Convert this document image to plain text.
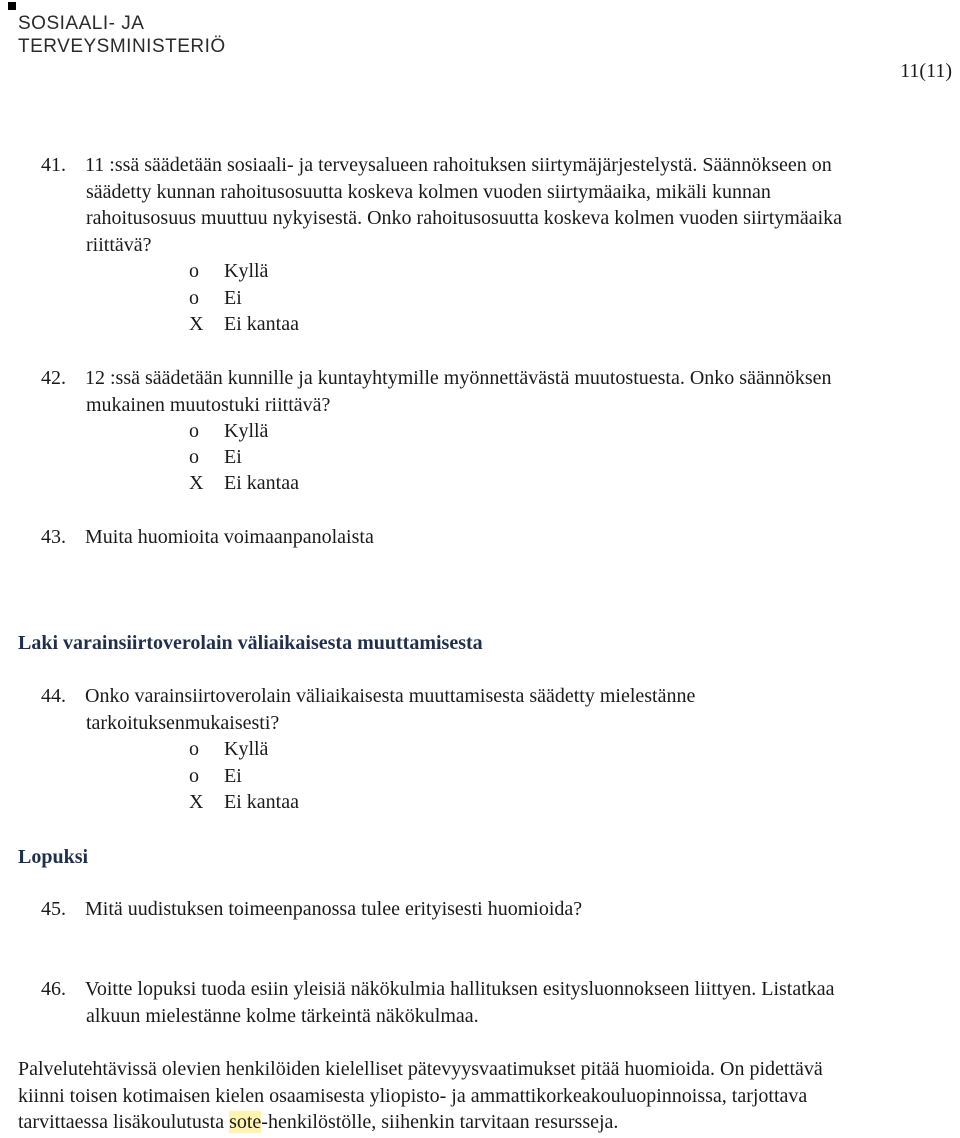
SOSIAALI- JA
TERVEYSMINISTERIÖ
11(11)
41. 11 :ssä säädetään sosiaali- ja terveysalueen rahoituksen siirtymäjärjestelystä. Säännökseen on
säädetty kunnan rahoitusosuutta koskeva kolmen vuoden siirtymäaika, mikäli kunnan
rahoitusosuus muuttuu nykyisestä. Onko rahoitusosuutta koskeva kolmen vuoden siirtymäaika
riittävä?
o Kyllä
o Ei
X Ei kantaa
42. 12 :ssä säädetään kunnille ja kuntayhtymille myönnettävästä muutostuesta. Onko säännöksen
mukainen muutostuki riittävä?
o Kyllä
o Ei
X Ei kantaa
43. Muita huomioita voimaanpanolaista
Laki varainsiirtoverolain väliaikaisesta muuttamisesta
44. Onko varainsiirtoverolain väliaikaisesta muuttamisesta säädetty mielestänne
tarkoituksenmukaisesti?
o Kyllä
o Ei
X Ei kantaa
Lopuksi
45. Mitä uudistuksen toimeenpanossa tulee erityisesti huomioida?
46. Voitte lopuksi tuoda esiin yleisiä näkökulmia hallituksen esitysluonnokseen liittyen. Listatkaa
alkuun mielestänne kolme tärkeintä näkökulmaa.
Palvelutehtävissä olevien henkilöiden kielelliset pätevyysvaatimukset pitää huomioida. On pidettävä
kiinni toisen kotimaisen kielen osaamisesta yliopisto- ja ammattikorkeakouluopinnoissa, tarjottava
tarvittaessa lisäkoulutusta sote-henkilöstölle, siihenkin tarvitaan resursseja.
